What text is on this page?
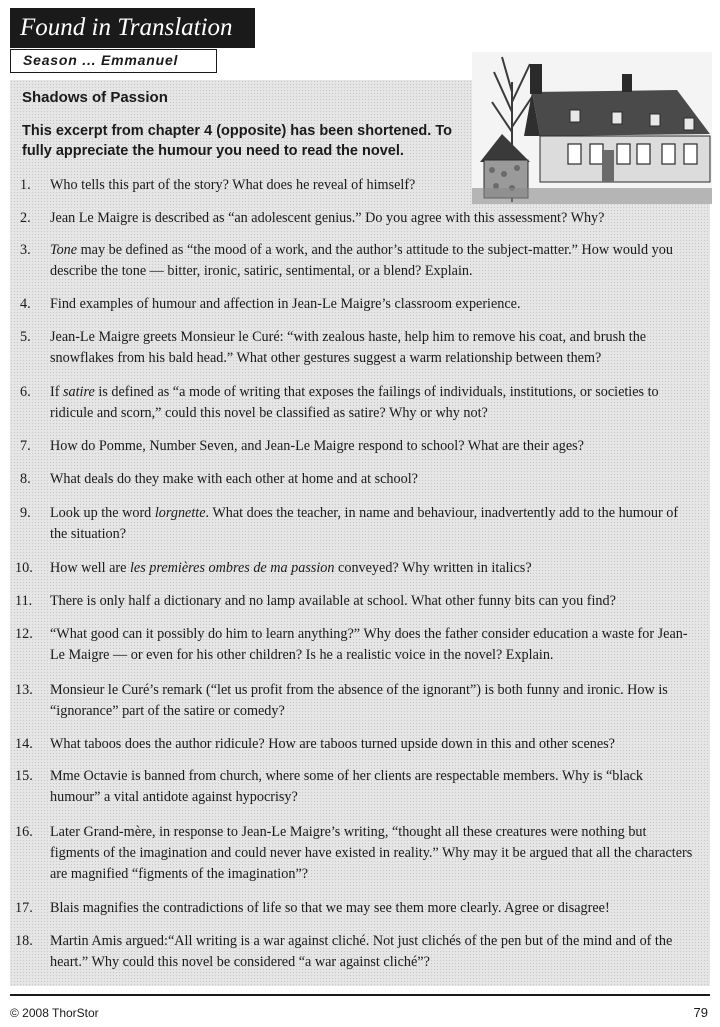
Found in Translation
Season ... Emmanuel
Shadows of Passion
This excerpt from chapter 4 (opposite) has been shortened. To fully appreciate the humour you need to read the novel.
1.	Who tells this part of the story? What does he reveal of himself?
2.	Jean Le Maigre is described as “an adolescent genius.” Do you agree with this assessment? Why?
3.	Tone may be defined as “the mood of a work, and the author’s attitude to the subject-matter.” How would you describe the tone — bitter, ironic, satiric, sentimental, or a blend? Explain.
4.	Find examples of humour and affection in Jean-Le Maigre’s classroom experience.
5.	Jean-Le Maigre greets Monsieur le Curé: “with zealous haste, help him to remove his coat, and brush the snowflakes from his bald head.” What other gestures suggest a warm relationship between them?
6.	If satire is defined as “a mode of writing that exposes the failings of individuals, institutions, or societies to ridicule and scorn,” could this novel be classified as satire? Why or why not?
7.	How do Pomme, Number Seven, and Jean-Le Maigre respond to school? What are their ages?
8.	What deals do they make with each other at home and at school?
9.	Look up the word lorgnette. What does the teacher, in name and behaviour, inadvertently add to the humour of the situation?
10.	How well are les premières ombres de ma passion conveyed? Why written in italics?
11.	There is only half a dictionary and no lamp available at school. What other funny bits can you find?
12.	“What good can it possibly do him to learn anything?” Why does the father consider education a waste for Jean-Le Maigre — or even for his other children? Is he a realistic voice in the novel? Explain.
13.	Monsieur le Curé’s remark (“let us profit from the absence of the ignorant”) is both funny and ironic. How is “ignorance” part of the satire or comedy?
14.	What taboos does the author ridicule? How are taboos turned upside down in this and other scenes?
15.	Mme Octavie is banned from church, where some of her clients are respectable members. Why is “black humour” a vital antidote against hypocrisy?
16.	Later Grand-mère, in response to Jean-Le Maigre’s writing, “thought all these creatures were nothing but figments of the imagination and could never have existed in reality.” Why may it be argued that all the characters are magnified “figments of the imagination”?
17.	Blais magnifies the contradictions of life so that we may see them more clearly. Agree or disagree!
18.	Martin Amis argued:“All writing is a war against cliché. Not just clichés of the pen but of the mind and of the heart.” Why could this novel be considered “a war against cliché”?
© 2008 ThorStor	79
